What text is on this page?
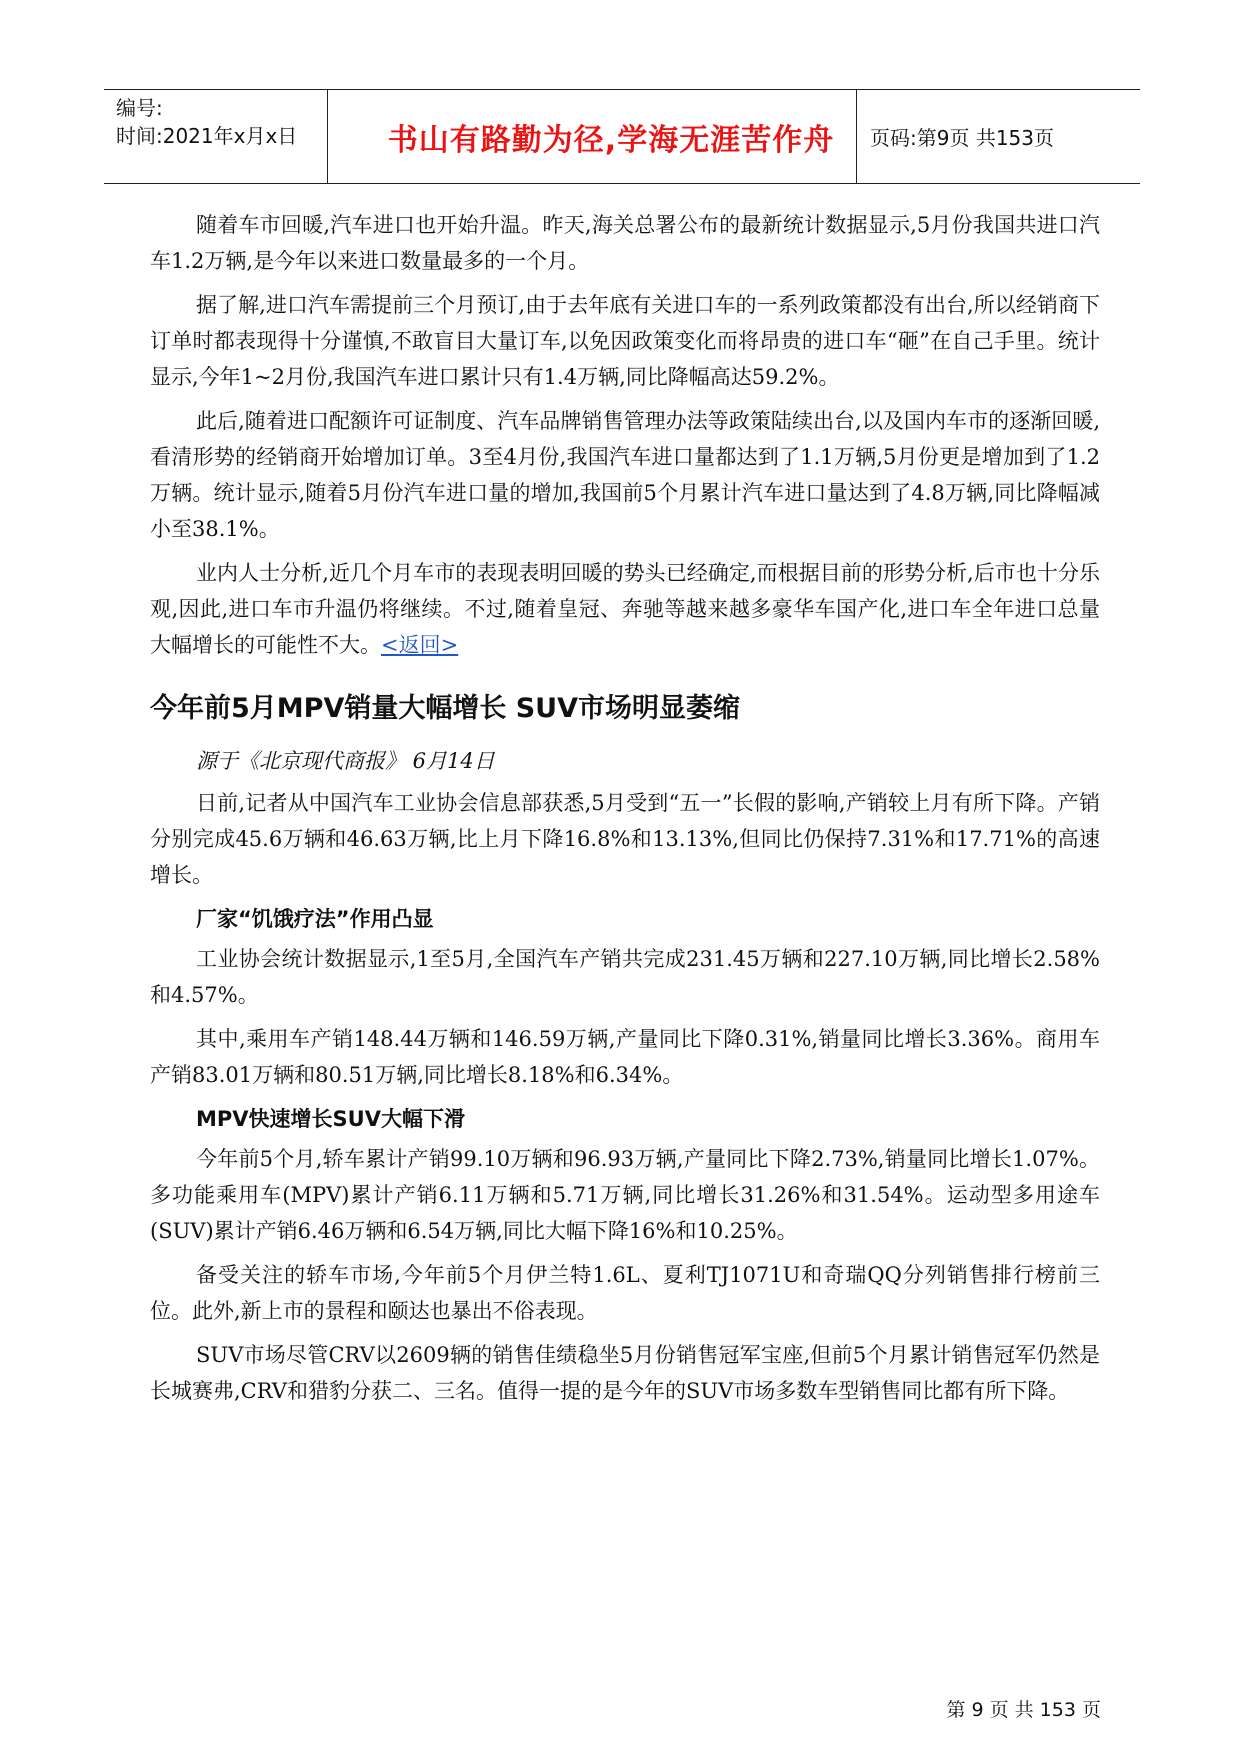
编号:
时间:2021年x月x日	书山有路勤为径,学海无涯苦作舟	页码:第9页 共153页

随着车市回暖,汽车进口也开始升温。昨天,海关总署公布的最新统计数据显示,5月份我国共进口汽车1.2万辆,是今年以来进口数量最多的一个月。

据了解,进口汽车需提前三个月预订,由于去年底有关进口车的一系列政策都没有出台,所以经销商下订单时都表现得十分谨慎,不敢盲目大量订车,以免因政策变化而将昂贵的进口车“砸”在自己手里。统计显示,今年1~2月份,我国汽车进口累计只有1.4万辆,同比降幅高达59.2%。

此后,随着进口配额许可证制度、汽车品牌销售管理办法等政策陆续出台,以及国内车市的逐渐回暖,看清形势的经销商开始增加订单。3至4月份,我国汽车进口量都达到了1.1万辆,5月份更是增加到了1.2万辆。统计显示,随着5月份汽车进口量的增加,我国前5个月累计汽车进口量达到了4.8万辆,同比降幅减小至38.1%。

业内人士分析,近几个月车市的表现表明回暖的势头已经确定,而根据目前的形势分析,后市也十分乐观,因此,进口车市升温仍将继续。不过,随着皇冠、奔驰等越来越多豪华车国产化,进口车全年进口总量大幅增长的可能性不大。<返回>

今年前5月MPV销量大幅增长 SUV市场明显萎缩

源于《北京现代商报》 6月14日

日前,记者从中国汽车工业协会信息部获悉,5月受到“五一”长假的影响,产销较上月有所下降。产销分别完成45.6万辆和46.63万辆,比上月下降16.8%和13.13%,但同比仍保持7.31%和17.71%的高速增长。

厂家“饥饿疗法”作用凸显

工业协会统计数据显示,1至5月,全国汽车产销共完成231.45万辆和227.10万辆,同比增长2.58%和4.57%。

其中,乘用车产销148.44万辆和146.59万辆,产量同比下降0.31%,销量同比增长3.36%。商用车产销83.01万辆和80.51万辆,同比增长8.18%和6.34%。

MPV快速增长SUV大幅下滑

今年前5个月,轿车累计产销99.10万辆和96.93万辆,产量同比下降2.73%,销量同比增长1.07%。多功能乘用车(MPV)累计产销6.11万辆和5.71万辆,同比增长31.26%和31.54%。运动型多用途车(SUV)累计产销6.46万辆和6.54万辆,同比大幅下降16%和10.25%。

备受关注的轿车市场,今年前5个月伊兰特1.6L、夏利TJ1071U和奇瑞QQ分列销售排行榜前三位。此外,新上市的景程和颐达也暴出不俗表现。

SUV市场尽管CRV以2609辆的销售佳绩稳坐5月份销售冠军宝座,但前5个月累计销售冠军仍然是长城赛弗,CRV和猎豹分获二、三名。值得一提的是今年的SUV市场多数车型销售同比都有所下降。

第 9 页 共 153 页
